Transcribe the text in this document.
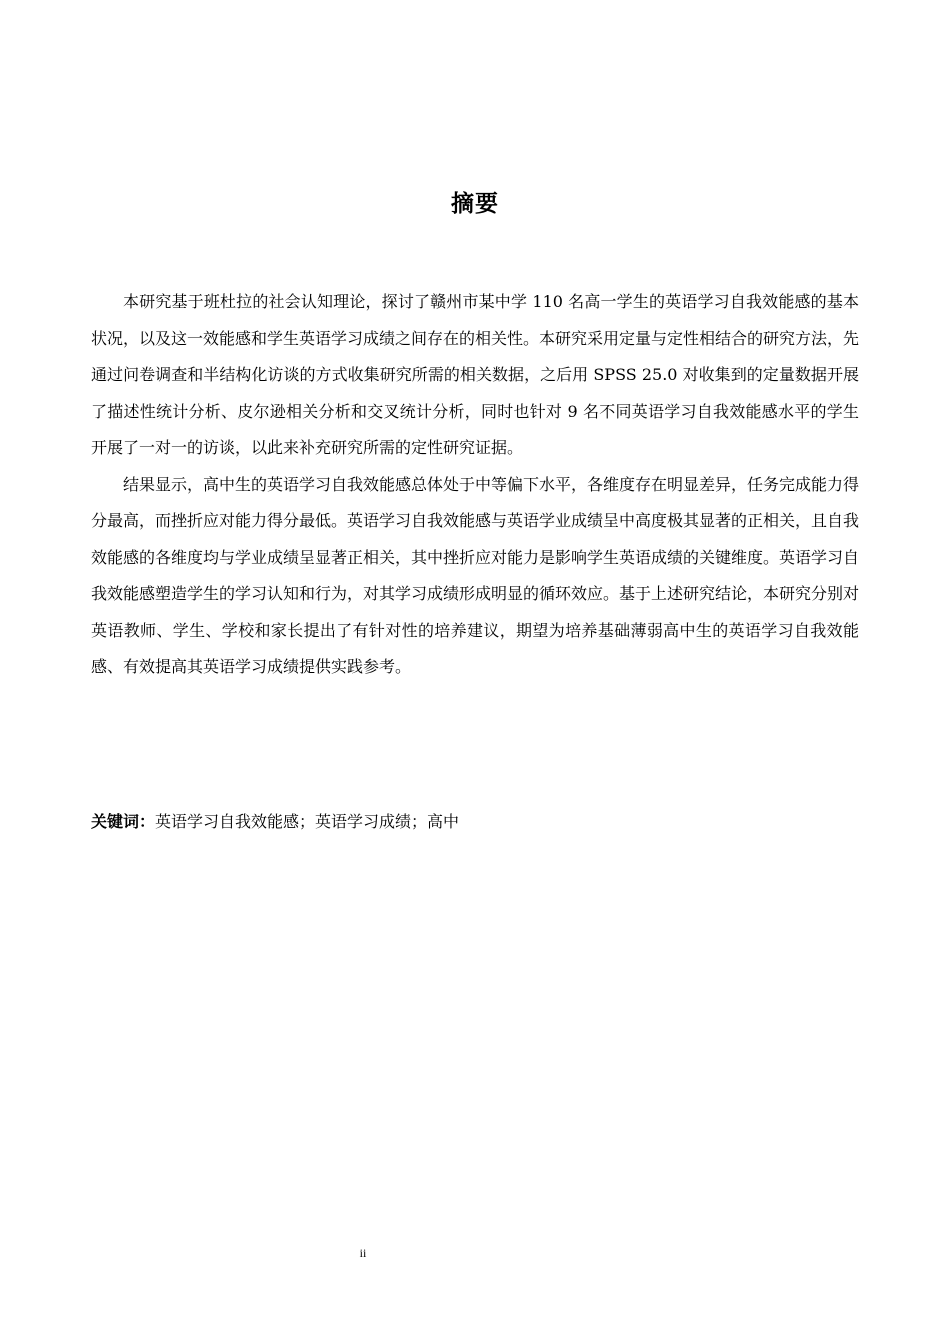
摘要

本研究基于班杜拉的社会认知理论，探讨了赣州市某中学 110 名高一学生的英语学习自我效能感的基本状况，以及这一效能感和学生英语学习成绩之间存在的相关性。本研究采用定量与定性相结合的研究方法，先通过问卷调查和半结构化访谈的方式收集研究所需的相关数据，之后用 SPSS 25.0 对收集到的定量数据开展了描述性统计分析、皮尔逊相关分析和交叉统计分析，同时也针对 9 名不同英语学习自我效能感水平的学生开展了一对一的访谈，以此来补充研究所需的定性研究证据。

结果显示，高中生的英语学习自我效能感总体处于中等偏下水平，各维度存在明显差异，任务完成能力得分最高，而挫折应对能力得分最低。英语学习自我效能感与英语学业成绩呈中高度极其显著的正相关，且自我效能感的各维度均与学业成绩呈显著正相关，其中挫折应对能力是影响学生英语成绩的关键维度。英语学习自我效能感塑造学生的学习认知和行为，对其学习成绩形成明显的循环效应。基于上述研究结论，本研究分别对英语教师、学生、学校和家长提出了有针对性的培养建议，期望为培养基础薄弱高中生的英语学习自我效能感、有效提高其英语学习成绩提供实践参考。

关键词：英语学习自我效能感；英语学习成绩；高中
ii
